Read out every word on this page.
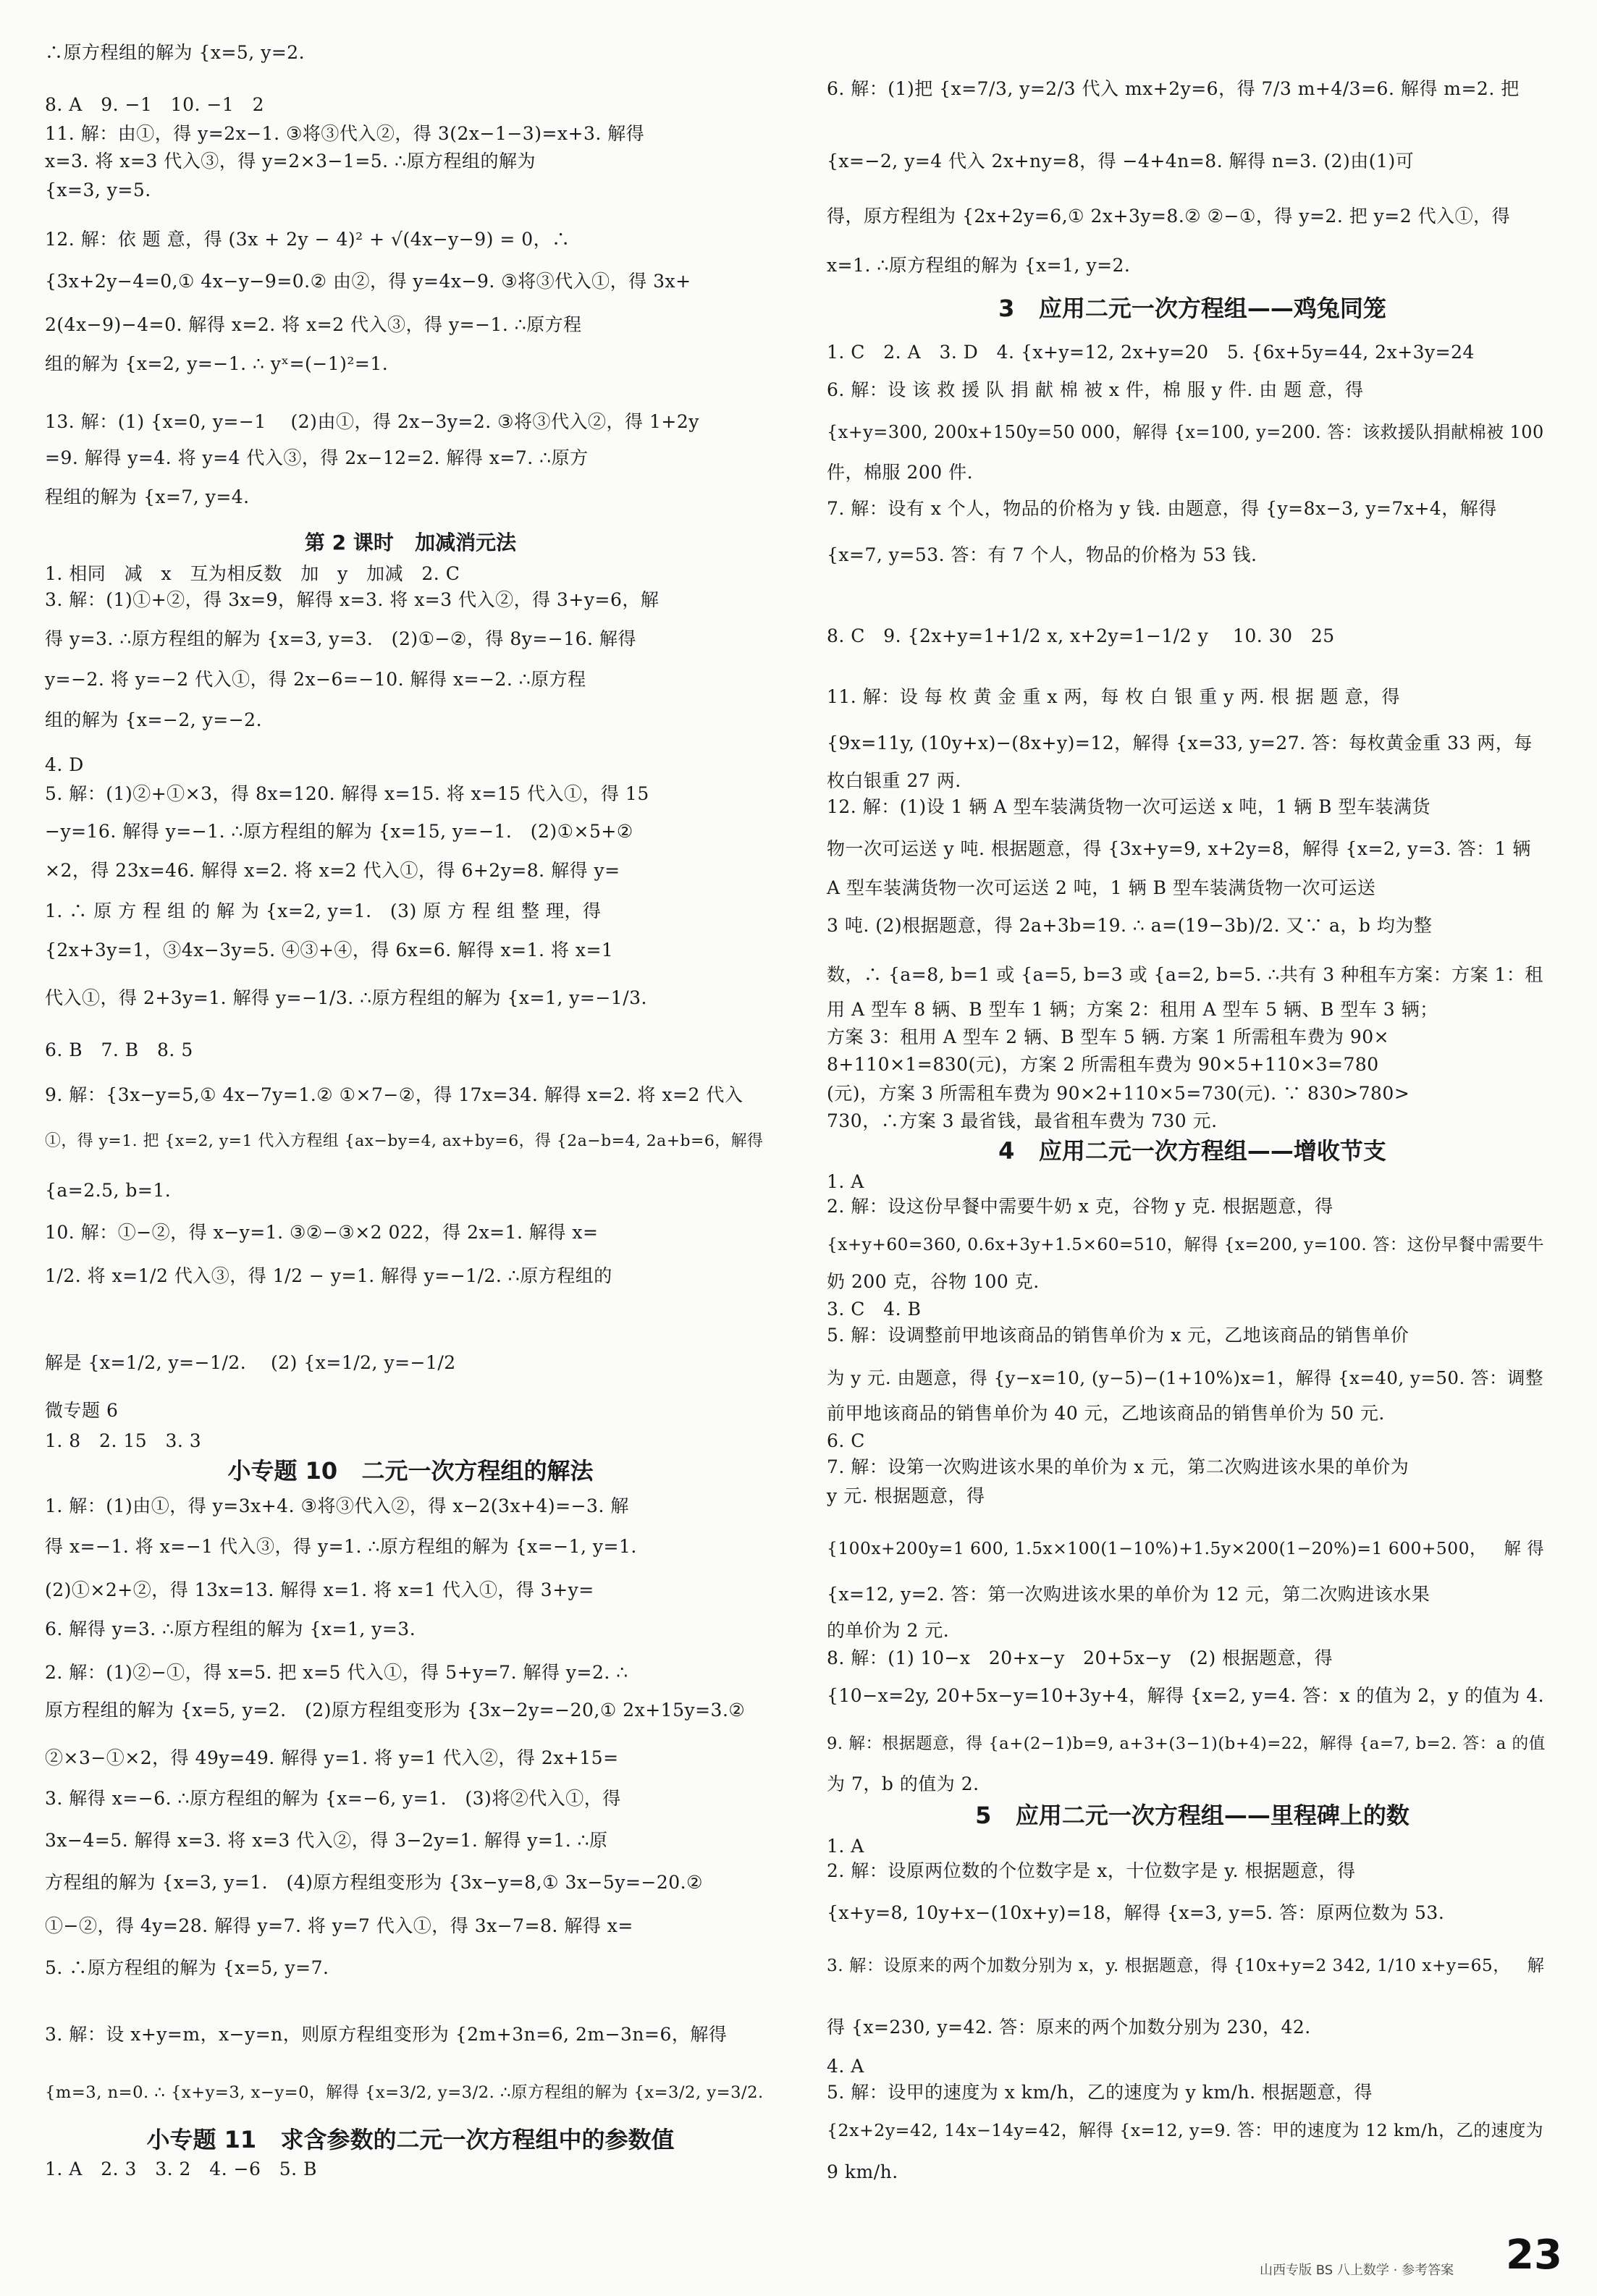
∴原方程组的解为 {x=5, y=2.
8. A   9. −1   10. −1   2
11. 解：由①，得 y=2x−1. ③将③代入②，得 3(2x−1−3)=x+3. 解得
x=3. 将 x=3 代入③，得 y=2×3−1=5. ∴原方程组的解为
{x=3, y=5.
12. 解：依 题 意，得 (3x + 2y − 4)² + √(4x−y−9) = 0，∴
{3x+2y−4=0,① 4x−y−9=0.② 由②，得 y=4x−9. ③将③代入①，得 3x+
2(4x−9)−4=0. 解得 x=2. 将 x=2 代入③，得 y=−1. ∴原方程
组的解为 {x=2, y=−1. ∴ yˣ=(−1)²=1.
13. 解：(1) {x=0, y=−1    (2)由①，得 2x−3y=2. ③将③代入②，得 1+2y
=9. 解得 y=4. 将 y=4 代入③，得 2x−12=2. 解得 x=7. ∴原方
程组的解为 {x=7, y=4.
第 2 课时   加减消元法
1. 相同   减   x   互为相反数   加   y   加减   2. C
3. 解：(1)①+②，得 3x=9，解得 x=3. 将 x=3 代入②，得 3+y=6，解
得 y=3. ∴原方程组的解为 {x=3, y=3.   (2)①−②，得 8y=−16. 解得
y=−2. 将 y=−2 代入①，得 2x−6=−10. 解得 x=−2. ∴原方程
组的解为 {x=−2, y=−2.
4. D
5. 解：(1)②+①×3，得 8x=120. 解得 x=15. 将 x=15 代入①，得 15
−y=16. 解得 y=−1. ∴原方程组的解为 {x=15, y=−1.   (2)①×5+②
×2，得 23x=46. 解得 x=2. 将 x=2 代入①，得 6+2y=8. 解得 y=
1. ∴ 原 方 程 组 的 解 为 {x=2, y=1.   (3) 原 方 程 组 整 理，得
{2x+3y=1，③4x−3y=5. ④③+④，得 6x=6. 解得 x=1. 将 x=1
代入①，得 2+3y=1. 解得 y=−1/3. ∴原方程组的解为 {x=1, y=−1/3.
6. B   7. B   8. 5
9. 解：{3x−y=5,① 4x−7y=1.② ①×7−②，得 17x=34. 解得 x=2. 将 x=2 代入
①，得 y=1. 把 {x=2, y=1 代入方程组 {ax−by=4, ax+by=6，得 {2a−b=4, 2a+b=6，解得
{a=2.5, b=1.
10. 解：①−②，得 x−y=1. ③②−③×2 022，得 2x=1. 解得 x=
1/2. 将 x=1/2 代入③，得 1/2 − y=1. 解得 y=−1/2. ∴原方程组的
解是 {x=1/2, y=−1/2.    (2) {x=1/2, y=−1/2
微专题 6
1. 8   2. 15   3. 3
小专题 10   二元一次方程组的解法
1. 解：(1)由①，得 y=3x+4. ③将③代入②，得 x−2(3x+4)=−3. 解
得 x=−1. 将 x=−1 代入③，得 y=1. ∴原方程组的解为 {x=−1, y=1.
(2)①×2+②，得 13x=13. 解得 x=1. 将 x=1 代入①，得 3+y=
6. 解得 y=3. ∴原方程组的解为 {x=1, y=3.
2. 解：(1)②−①，得 x=5. 把 x=5 代入①，得 5+y=7. 解得 y=2. ∴
原方程组的解为 {x=5, y=2.   (2)原方程组变形为 {3x−2y=−20,① 2x+15y=3.②
②×3−①×2，得 49y=49. 解得 y=1. 将 y=1 代入②，得 2x+15=
3. 解得 x=−6. ∴原方程组的解为 {x=−6, y=1.   (3)将②代入①，得
3x−4=5. 解得 x=3. 将 x=3 代入②，得 3−2y=1. 解得 y=1. ∴原
方程组的解为 {x=3, y=1.   (4)原方程组变形为 {3x−y=8,① 3x−5y=−20.②
①−②，得 4y=28. 解得 y=7. 将 y=7 代入①，得 3x−7=8. 解得 x=
5. ∴原方程组的解为 {x=5, y=7.
3. 解：设 x+y=m，x−y=n，则原方程组变形为 {2m+3n=6, 2m−3n=6，解得
{m=3, n=0. ∴ {x+y=3, x−y=0，解得 {x=3/2, y=3/2. ∴原方程组的解为 {x=3/2, y=3/2.
小专题 11   求含参数的二元一次方程组中的参数值
1. A   2. 3   3. 2   4. −6   5. B
6. 解：(1)把 {x=7/3, y=2/3 代入 mx+2y=6，得 7/3 m+4/3=6. 解得 m=2. 把
{x=−2, y=4 代入 2x+ny=8，得 −4+4n=8. 解得 n=3. (2)由(1)可
得，原方程组为 {2x+2y=6,① 2x+3y=8.② ②−①，得 y=2. 把 y=2 代入①，得
x=1. ∴原方程组的解为 {x=1, y=2.
3   应用二元一次方程组——鸡兔同笼
1. C   2. A   3. D   4. {x+y=12, 2x+y=20   5. {6x+5y=44, 2x+3y=24
6. 解：设 该 救 援 队 捐 献 棉 被 x 件，棉 服 y 件. 由 题 意，得
{x+y=300, 200x+150y=50 000，解得 {x=100, y=200. 答：该救援队捐献棉被 100
件，棉服 200 件.
7. 解：设有 x 个人，物品的价格为 y 钱. 由题意，得 {y=8x−3, y=7x+4，解得
{x=7, y=53. 答：有 7 个人，物品的价格为 53 钱.
8. C   9. {2x+y=1+1/2 x, x+2y=1−1/2 y    10. 30   25
11. 解：设 每 枚 黄 金 重 x 两，每 枚 白 银 重 y 两. 根 据 题 意，得
{9x=11y, (10y+x)−(8x+y)=12，解得 {x=33, y=27. 答：每枚黄金重 33 两，每
枚白银重 27 两.
12. 解：(1)设 1 辆 A 型车装满货物一次可运送 x 吨，1 辆 B 型车装满货
物一次可运送 y 吨. 根据题意，得 {3x+y=9, x+2y=8，解得 {x=2, y=3. 答：1 辆
A 型车装满货物一次可运送 2 吨，1 辆 B 型车装满货物一次可运送
3 吨. (2)根据题意，得 2a+3b=19. ∴ a=(19−3b)/2. 又∵ a，b 均为整
数，∴ {a=8, b=1 或 {a=5, b=3 或 {a=2, b=5. ∴共有 3 种租车方案：方案 1：租
用 A 型车 8 辆、B 型车 1 辆；方案 2：租用 A 型车 5 辆、B 型车 3 辆；
方案 3：租用 A 型车 2 辆、B 型车 5 辆. 方案 1 所需租车费为 90×
8+110×1=830(元)，方案 2 所需租车费为 90×5+110×3=780
(元)，方案 3 所需租车费为 90×2+110×5=730(元). ∵ 830>780>
730，∴方案 3 最省钱，最省租车费为 730 元.
4   应用二元一次方程组——增收节支
1. A
2. 解：设这份早餐中需要牛奶 x 克，谷物 y 克. 根据题意，得
{x+y+60=360, 0.6x+3y+1.5×60=510，解得 {x=200, y=100. 答：这份早餐中需要牛
奶 200 克，谷物 100 克.
3. C   4. B
5. 解：设调整前甲地该商品的销售单价为 x 元，乙地该商品的销售单价
为 y 元. 由题意，得 {y−x=10, (y−5)−(1+10%)x=1，解得 {x=40, y=50. 答：调整
前甲地该商品的销售单价为 40 元，乙地该商品的销售单价为 50 元.
6. C
7. 解：设第一次购进该水果的单价为 x 元，第二次购进该水果的单价为
y 元. 根据题意，得
{100x+200y=1 600, 1.5x×100(1−10%)+1.5y×200(1−20%)=1 600+500，   解 得
{x=12, y=2. 答：第一次购进该水果的单价为 12 元，第二次购进该水果
的单价为 2 元.
8. 解：(1) 10−x   20+x−y   20+5x−y   (2) 根据题意，得
{10−x=2y, 20+5x−y=10+3y+4，解得 {x=2, y=4. 答：x 的值为 2，y 的值为 4.
9. 解：根据题意，得 {a+(2−1)b=9, a+3+(3−1)(b+4)=22，解得 {a=7, b=2. 答：a 的值
为 7，b 的值为 2.
5   应用二元一次方程组——里程碑上的数
1. A
2. 解：设原两位数的个位数字是 x，十位数字是 y. 根据题意，得
{x+y=8, 10y+x−(10x+y)=18，解得 {x=3, y=5. 答：原两位数为 53.
3. 解：设原来的两个加数分别为 x，y. 根据题意，得 {10x+y=2 342, 1/10 x+y=65，   解
得 {x=230, y=42. 答：原来的两个加数分别为 230，42.
4. A
5. 解：设甲的速度为 x km/h，乙的速度为 y km/h. 根据题意，得
{2x+2y=42, 14x−14y=42，解得 {x=12, y=9. 答：甲的速度为 12 km/h，乙的速度为
9 km/h.
山西专版 BS 八上数学 · 参考答案 23
